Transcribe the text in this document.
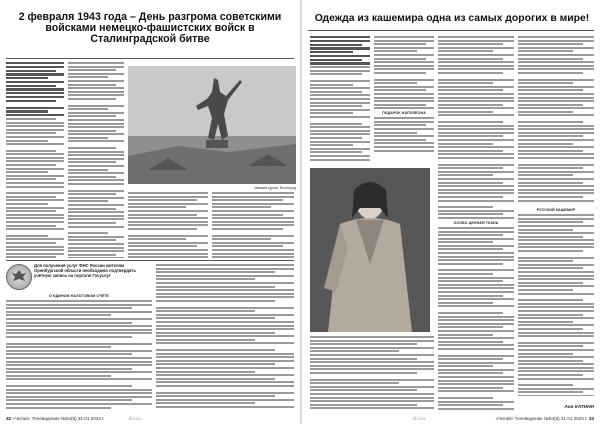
2 февраля 1943 года – День разгрома советскими войсками немецко-фашистских войск в Сталинградской битве
Мамаев курган, Волгоград
Для получения услуг ФНС России жителям Оренбургской области необходимо подтвердить учётную запись на портале Госуслуг
О ЕДИНОМ НАЛОГОВОМ СЧЁТЕ
32 «Читай» Телевидение №04(8) 31.01.2025 г.	Жизнь
Одежда из кашемира одна из самых дорогих в мире!
ПОДАРОК НАПОЛЕОНА
ОСОБО ЦЕННАЯ ТКАНЬ
РУССКИЙ КАШЕМИР
Ана КАТИНИ
Жизнь	«Читай» Телевидение №04(8) 31.01.2025 г. 33
